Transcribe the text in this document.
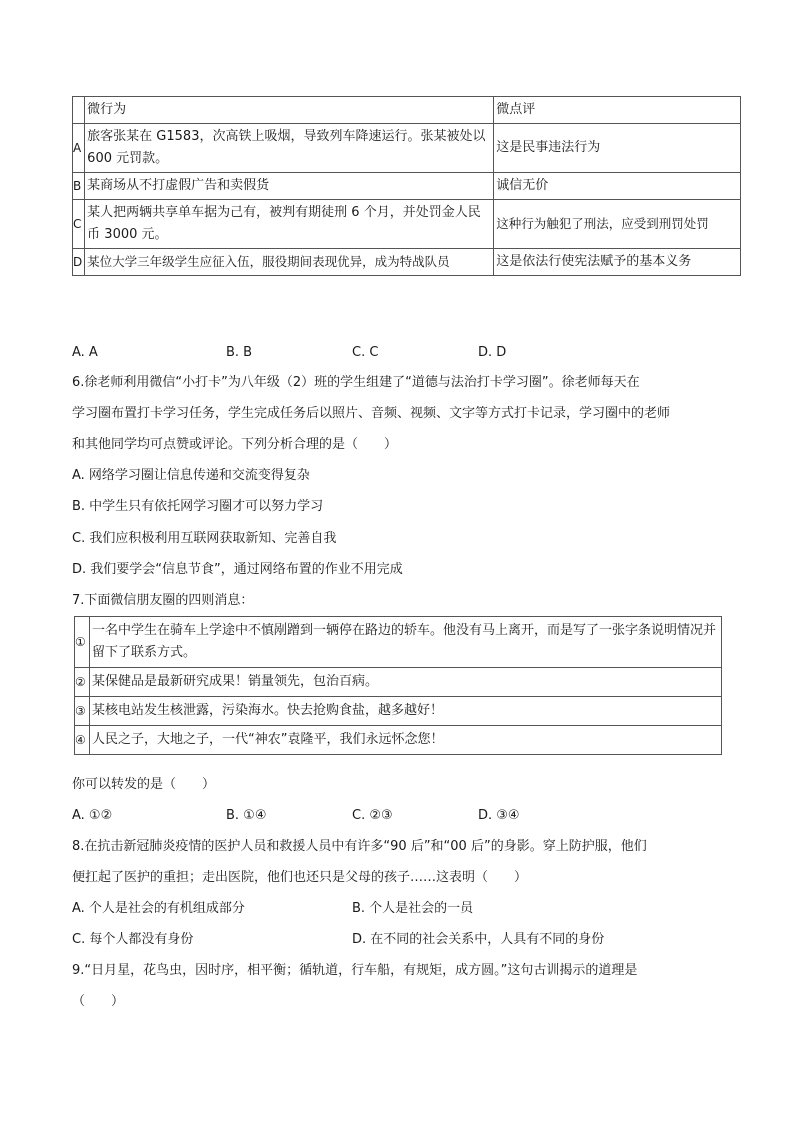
	微行为	微点评
A	旅客张某在 G1583，次高铁上吸烟，导致列车降速运行。张某被处以 600 元罚款。	这是民事违法行为
B	某商场从不打虚假广告和卖假货	诚信无价
C	某人把两辆共享单车据为己有，被判有期徒刑 6 个月，并处罚金人民币 3000 元。	这种行为触犯了刑法，应受到刑罚处罚
D	某位大学三年级学生应征入伍，服役期间表现优异，成为特战队员	这是依法行使宪法赋予的基本义务
A. A	B. B	C. C	D. D
6.徐老师利用微信“小打卡”为八年级（2）班的学生组建了“道德与法治打卡学习圈”。徐老师每天在
学习圈布置打卡学习任务，学生完成任务后以照片、音频、视频、文字等方式打卡记录，学习圈中的老师
和其他同学均可点赞或评论。下列分析合理的是（　　）
A. 网络学习圈让信息传递和交流变得复杂
B. 中学生只有依托网学习圈才可以努力学习
C. 我们应积极利用互联网获取新知、完善自我
D. 我们要学会“信息节食”，通过网络布置的作业不用完成
7.下面微信朋友圈的四则消息：
①	一名中学生在骑车上学途中不慎剐蹭到一辆停在路边的轿车。他没有马上离开，而是写了一张字条说明情况并留下了联系方式。
②	某保健品是最新研究成果！销量领先，包治百病。
③	某核电站发生核泄露，污染海水。快去抢购食盐，越多越好！
④	人民之子，大地之子，一代“神农”袁隆平，我们永远怀念您！
你可以转发的是（　　）
A. ①②	B. ①④	C. ②③	D. ③④
8.在抗击新冠肺炎疫情的医护人员和救援人员中有许多“90 后”和“00 后”的身影。穿上防护服，他们
便扛起了医护的重担；走出医院，他们也还只是父母的孩子……这表明（　　）
A. 个人是社会的有机组成部分	B. 个人是社会的一员
C. 每个人都没有身份	D. 在不同的社会关系中，人具有不同的身份
9.“日月星，花鸟虫，因时序，相平衡；循轨道，行车船，有规矩，成方圆。”这句古训揭示的道理是
（　　）
